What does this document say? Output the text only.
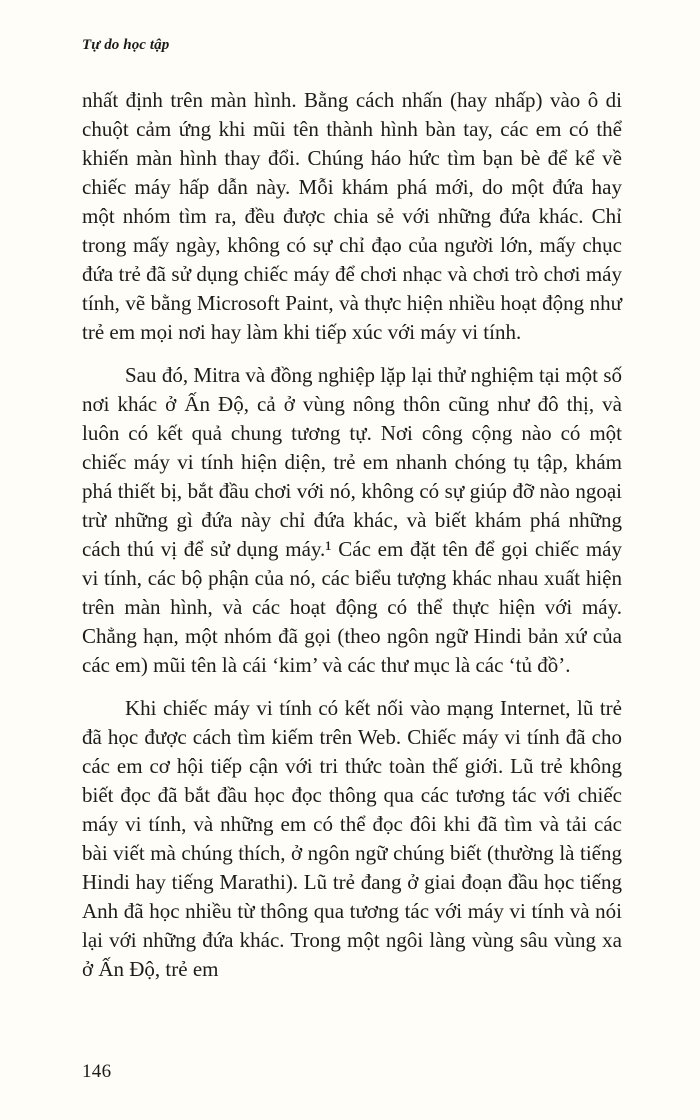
Tự do học tập

nhất định trên màn hình. Bằng cách nhấn (hay nhấp) vào ô di chuột cảm ứng khi mũi tên thành hình bàn tay, các em có thể khiến màn hình thay đổi. Chúng háo hức tìm bạn bè để kể về chiếc máy hấp dẫn này. Mỗi khám phá mới, do một đứa hay một nhóm tìm ra, đều được chia sẻ với những đứa khác. Chỉ trong mấy ngày, không có sự chỉ đạo của người lớn, mấy chục đứa trẻ đã sử dụng chiếc máy để chơi nhạc và chơi trò chơi máy tính, vẽ bằng Microsoft Paint, và thực hiện nhiều hoạt động như trẻ em mọi nơi hay làm khi tiếp xúc với máy vi tính.

Sau đó, Mitra và đồng nghiệp lặp lại thử nghiệm tại một số nơi khác ở Ấn Độ, cả ở vùng nông thôn cũng như đô thị, và luôn có kết quả chung tương tự. Nơi công cộng nào có một chiếc máy vi tính hiện diện, trẻ em nhanh chóng tụ tập, khám phá thiết bị, bắt đầu chơi với nó, không có sự giúp đỡ nào ngoại trừ những gì đứa này chỉ đứa khác, và biết khám phá những cách thú vị để sử dụng máy.¹ Các em đặt tên để gọi chiếc máy vi tính, các bộ phận của nó, các biểu tượng khác nhau xuất hiện trên màn hình, và các hoạt động có thể thực hiện với máy. Chẳng hạn, một nhóm đã gọi (theo ngôn ngữ Hindi bản xứ của các em) mũi tên là cái ‘kim’ và các thư mục là các ‘tủ đồ’.

Khi chiếc máy vi tính có kết nối vào mạng Internet, lũ trẻ đã học được cách tìm kiếm trên Web. Chiếc máy vi tính đã cho các em cơ hội tiếp cận với tri thức toàn thế giới. Lũ trẻ không biết đọc đã bắt đầu học đọc thông qua các tương tác với chiếc máy vi tính, và những em có thể đọc đôi khi đã tìm và tải các bài viết mà chúng thích, ở ngôn ngữ chúng biết (thường là tiếng Hindi hay tiếng Marathi). Lũ trẻ đang ở giai đoạn đầu học tiếng Anh đã học nhiều từ thông qua tương tác với máy vi tính và nói lại với những đứa khác. Trong một ngôi làng vùng sâu vùng xa ở Ấn Độ, trẻ em

146
